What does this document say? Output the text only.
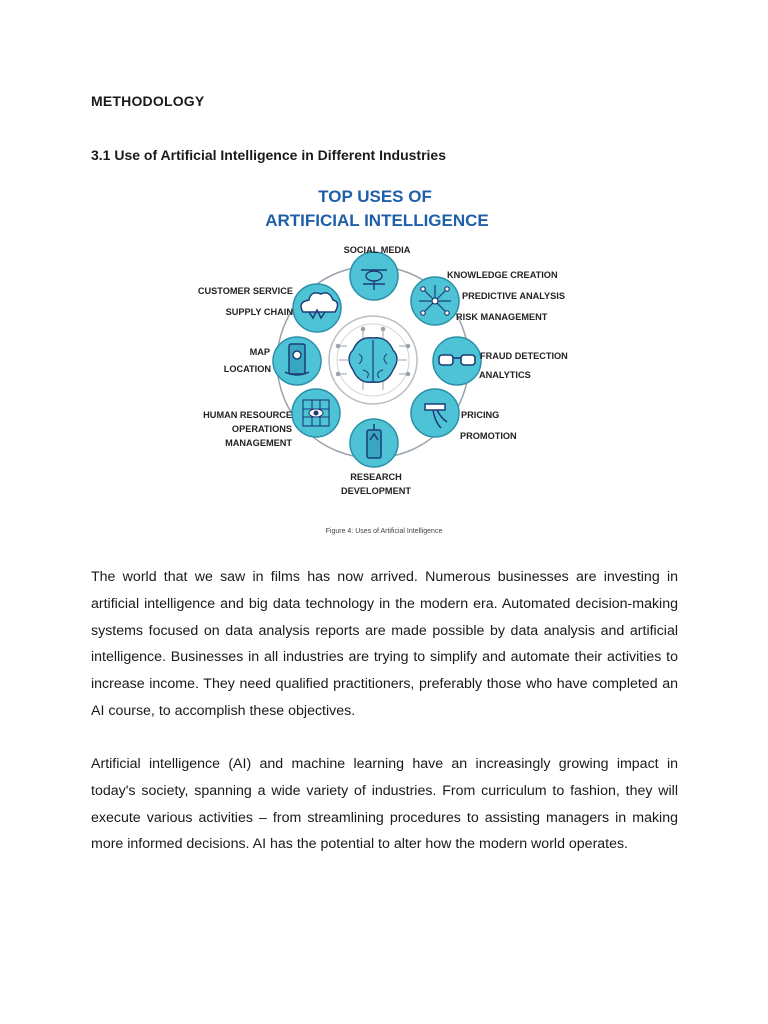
METHODOLOGY
3.1 Use of Artificial Intelligence in Different Industries
TOP USES OF
ARTIFICIAL INTELLIGENCE
SOCIAL MEDIA
KNOWLEDGE CREATION
PREDICTIVE ANALYSIS
RISK MANAGEMENT
FRAUD DETECTION
ANALYTICS
PRICING
PROMOTION
RESEARCH
DEVELOPMENT
HUMAN RESOURCE
OPERATIONS
MANAGEMENT
MAP
LOCATION
CUSTOMER SERVICE
SUPPLY CHAIN
Figure 4: Uses of Artificial Intelligence

The world that we saw in films has now arrived. Numerous businesses are investing in artificial intelligence and big data technology in the modern era. Automated decision-making systems focused on data analysis reports are made possible by data analysis and artificial intelligence. Businesses in all industries are trying to simplify and automate their activities to increase income. They need qualified practitioners, preferably those who have completed an AI course, to accomplish these objectives.

Artificial intelligence (AI) and machine learning have an increasingly growing impact in today's society, spanning a wide variety of industries. From curriculum to fashion, they will execute various activities – from streamlining procedures to assisting managers in making more informed decisions. AI has the potential to alter how the modern world operates.
